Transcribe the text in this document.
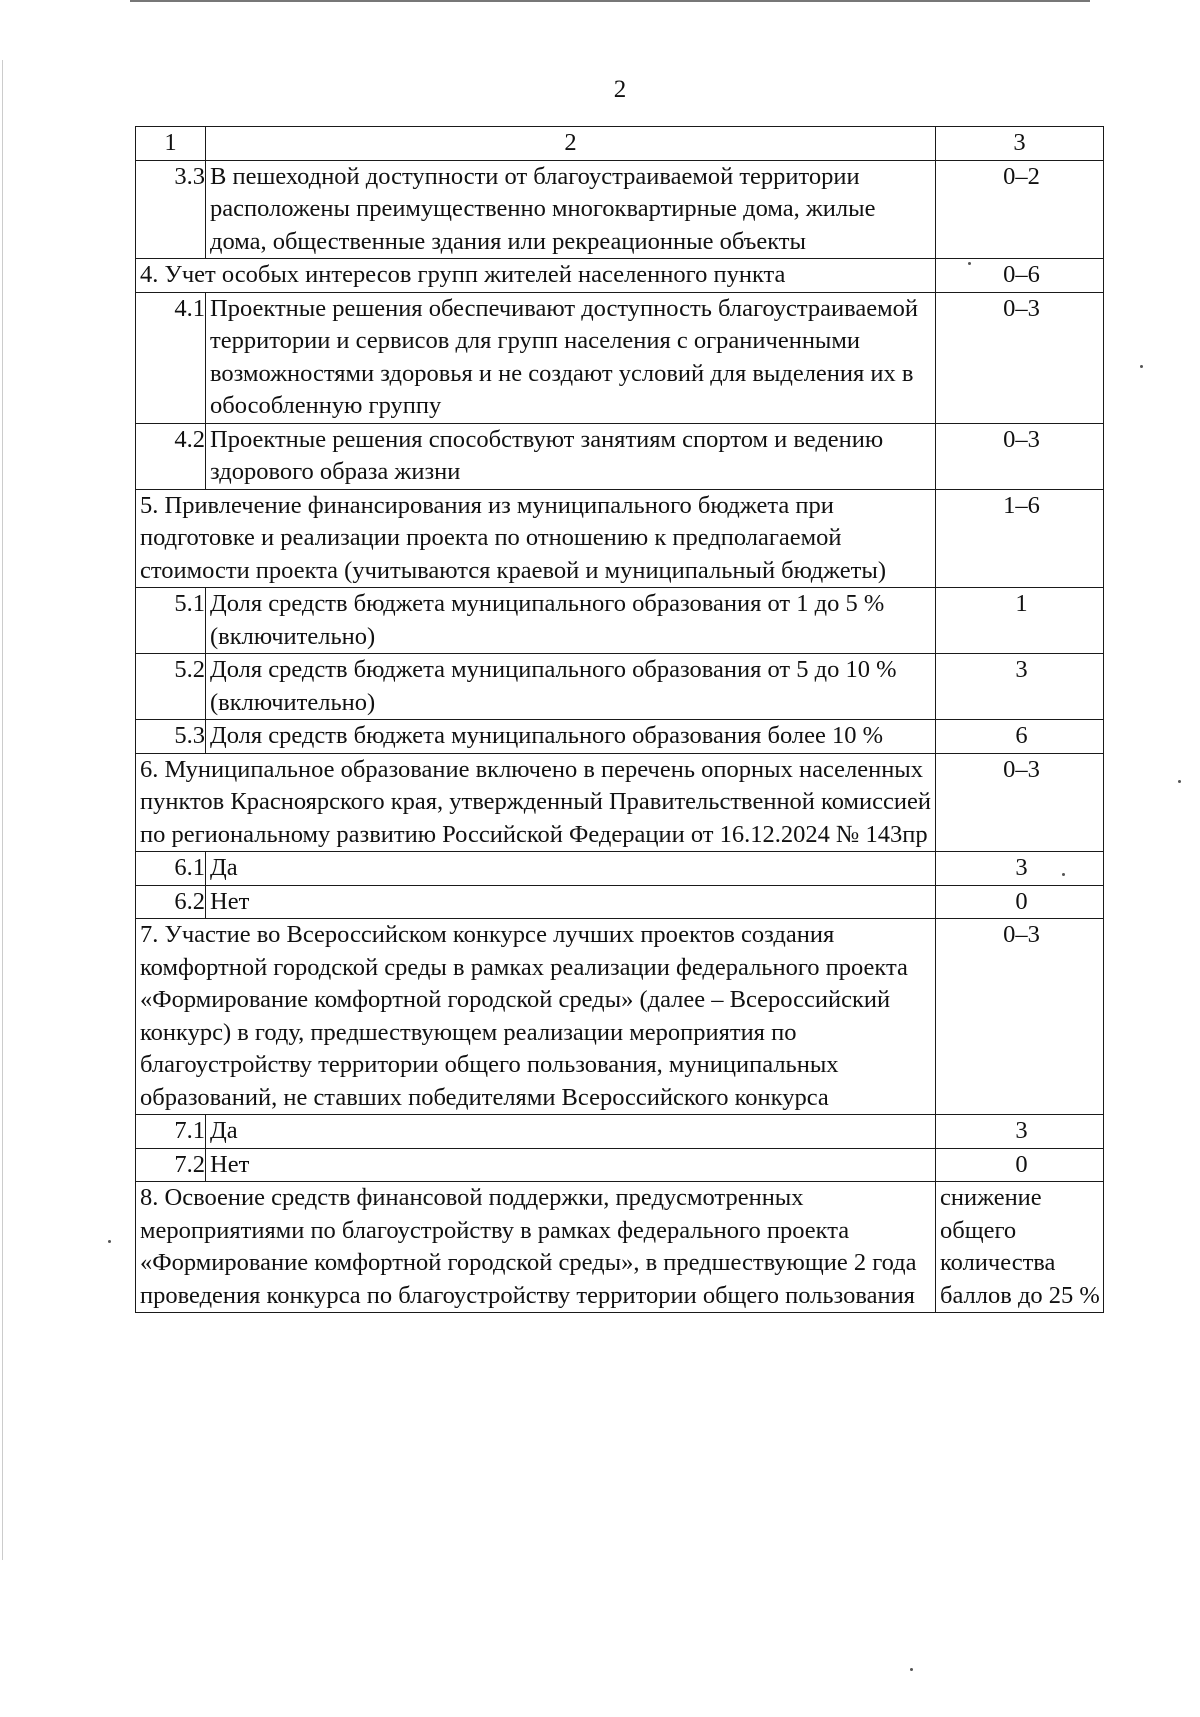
2
1	2	3
3.3	В пешеходной доступности от благоустраиваемой территории расположены преимущественно многоквартирные дома, жилые дома, общественные здания или рекреационные объекты	0–2
4. Учет особых интересов групп жителей населенного пункта		0–6
4.1	Проектные решения обеспечивают доступность благоустраиваемой территории и сервисов для групп населения с ограниченными возможностями здоровья и не создают условий для выделения их в обособленную группу	0–3
4.2	Проектные решения способствуют занятиям спортом и ведению здорового образа жизни	0–3
5. Привлечение финансирования из муниципального бюджета при подготовке и реализации проекта по отношению к предполагаемой стоимости проекта (учитываются краевой и муниципальный бюджеты)		1–6
5.1	Доля средств бюджета муниципального образования от 1 до 5 % (включительно)	1
5.2	Доля средств бюджета муниципального образования от 5 до 10 % (включительно)	3
5.3	Доля средств бюджета муниципального образования более 10 %	6
6. Муниципальное образование включено в перечень опорных населенных пунктов Красноярского края, утвержденный Правительственной комиссией по региональному развитию Российской Федерации от 16.12.2024 № 143пр		0–3
6.1	Да	3
6.2	Нет	0
7. Участие во Всероссийском конкурсе лучших проектов создания комфортной городской среды в рамках реализации федерального проекта «Формирование комфортной городской среды» (далее – Всероссийский конкурс) в году, предшествующем реализации мероприятия по благоустройству территории общего пользования, муниципальных образований, не ставших победителями Всероссийского конкурса		0–3
7.1	Да	3
7.2	Нет	0
8. Освоение средств финансовой поддержки, предусмотренных мероприятиями по благоустройству в рамках федерального проекта «Формирование комфортной городской среды», в предшествующие 2 года проведения конкурса по благоустройству территории общего пользования		снижение общего количества баллов до 25 %
